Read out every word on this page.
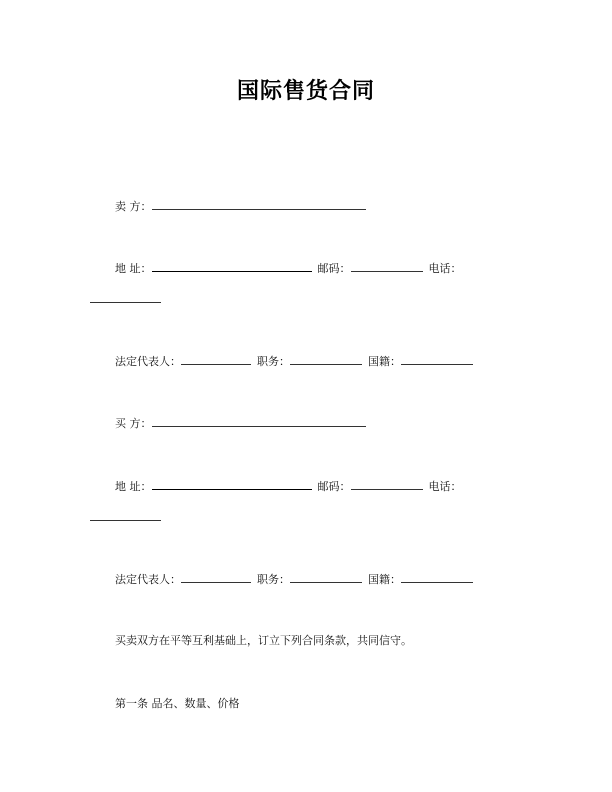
国际售货合同
卖 方：
地 址：	邮码：	电话：
法定代表人：	职务：	国籍：
买 方：
地 址：	邮码：	电话：
法定代表人：	职务：	国籍：
买卖双方在平等互利基础上，订立下列合同条款，共同信守。
第一条 品名、数量、价格
